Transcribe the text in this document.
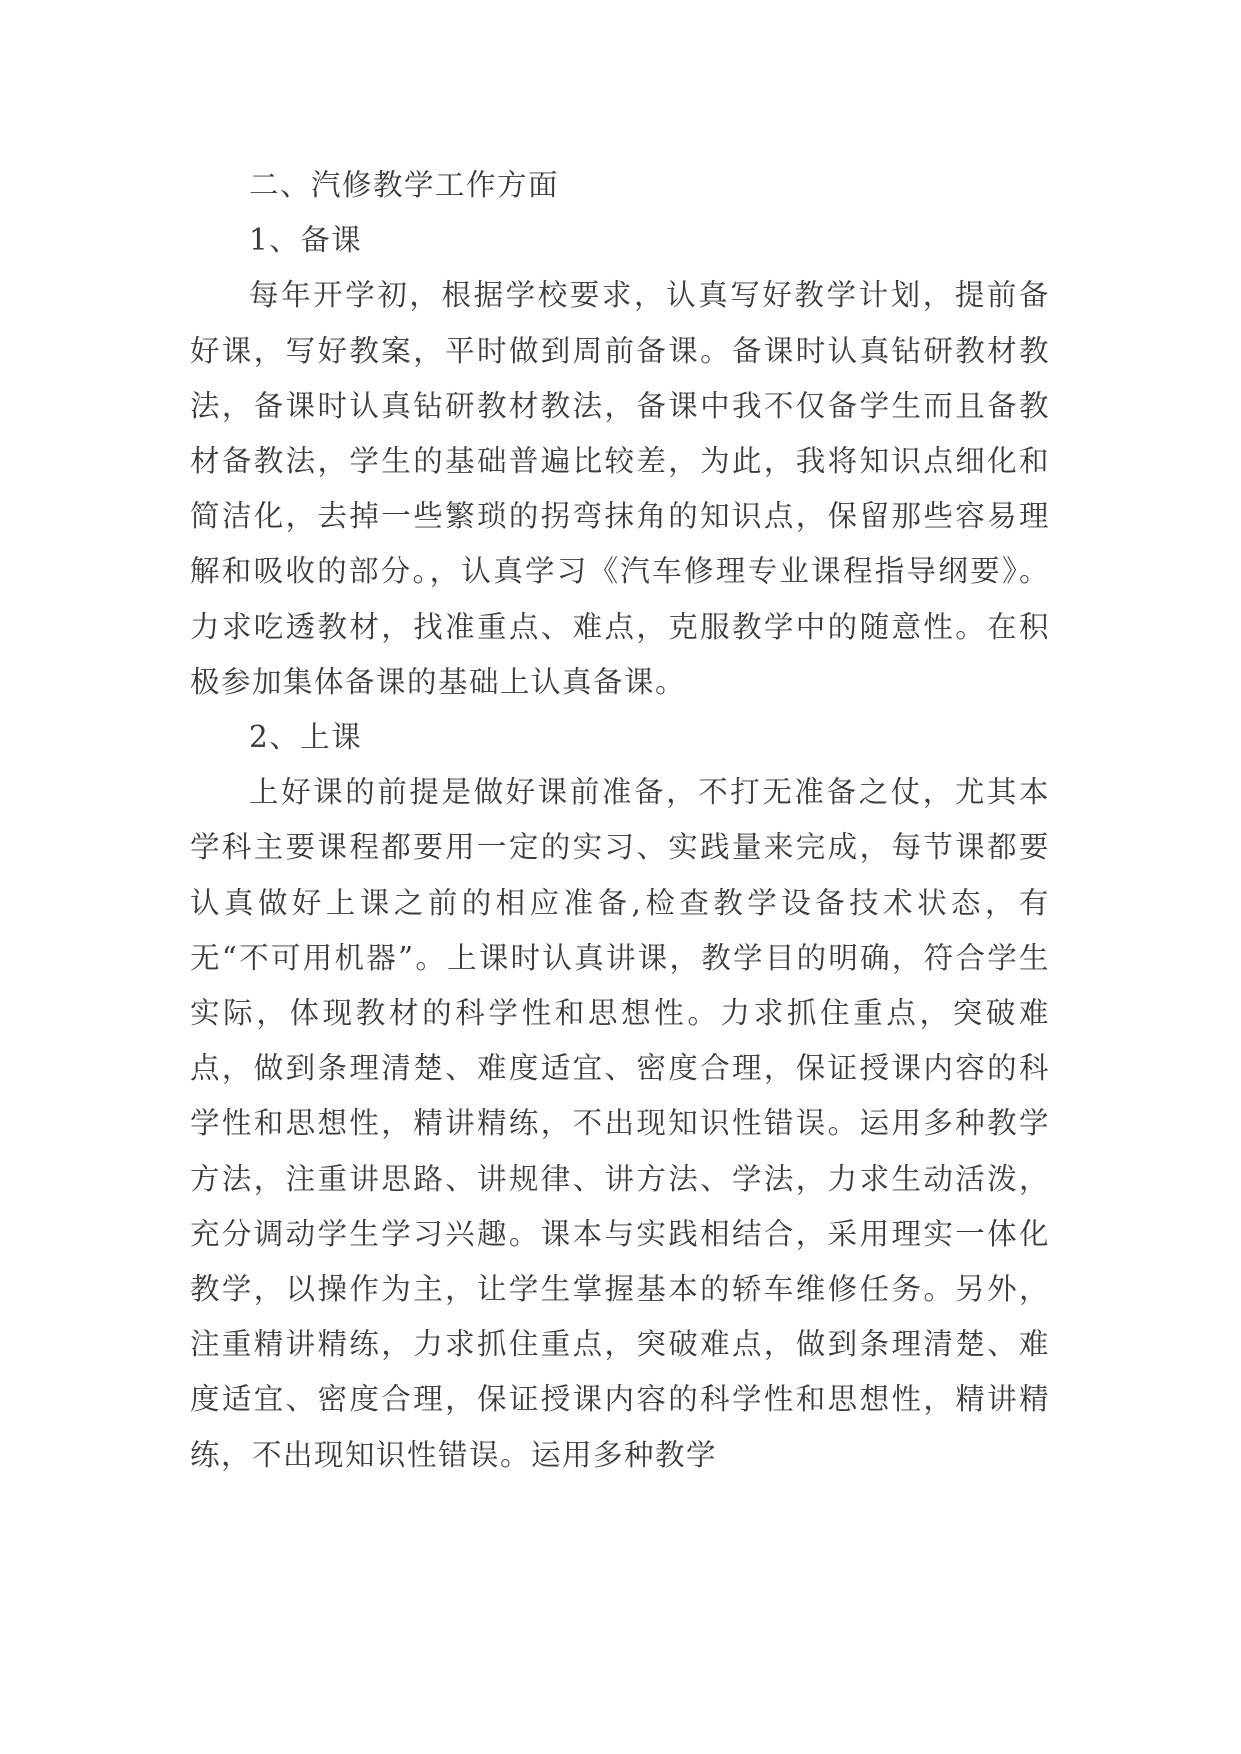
二、汽修教学工作方面

1、备课

每年开学初，根据学校要求，认真写好教学计划，提前备好课，写好教案，平时做到周前备课。备课时认真钻研教材教法，备课时认真钻研教材教法，备课中我不仅备学生而且备教材备教法，学生的基础普遍比较差，为此，我将知识点细化和简洁化，去掉一些繁琐的拐弯抹角的知识点，保留那些容易理解和吸收的部分。，认真学习《汽车修理专业课程指导纲要》。力求吃透教材，找准重点、难点，克服教学中的随意性。在积极参加集体备课的基础上认真备课。

2、上课

上好课的前提是做好课前准备，不打无准备之仗，尤其本学科主要课程都要用一定的实习、实践量来完成，每节课都要认真做好上课之前的相应准备,检查教学设备技术状态，有无“不可用机器”。上课时认真讲课，教学目的明确，符合学生实际，体现教材的科学性和思想性。力求抓住重点，突破难点，做到条理清楚、难度适宜、密度合理，保证授课内容的科学性和思想性，精讲精练，不出现知识性错误。运用多种教学方法，注重讲思路、讲规律、讲方法、学法，力求生动活泼，充分调动学生学习兴趣。课本与实践相结合，采用理实一体化教学，以操作为主，让学生掌握基本的轿车维修任务。另外，注重精讲精练，力求抓住重点，突破难点，做到条理清楚、难度适宜、密度合理，保证授课内容的科学性和思想性，精讲精练，不出现知识性错误。运用多种教学
